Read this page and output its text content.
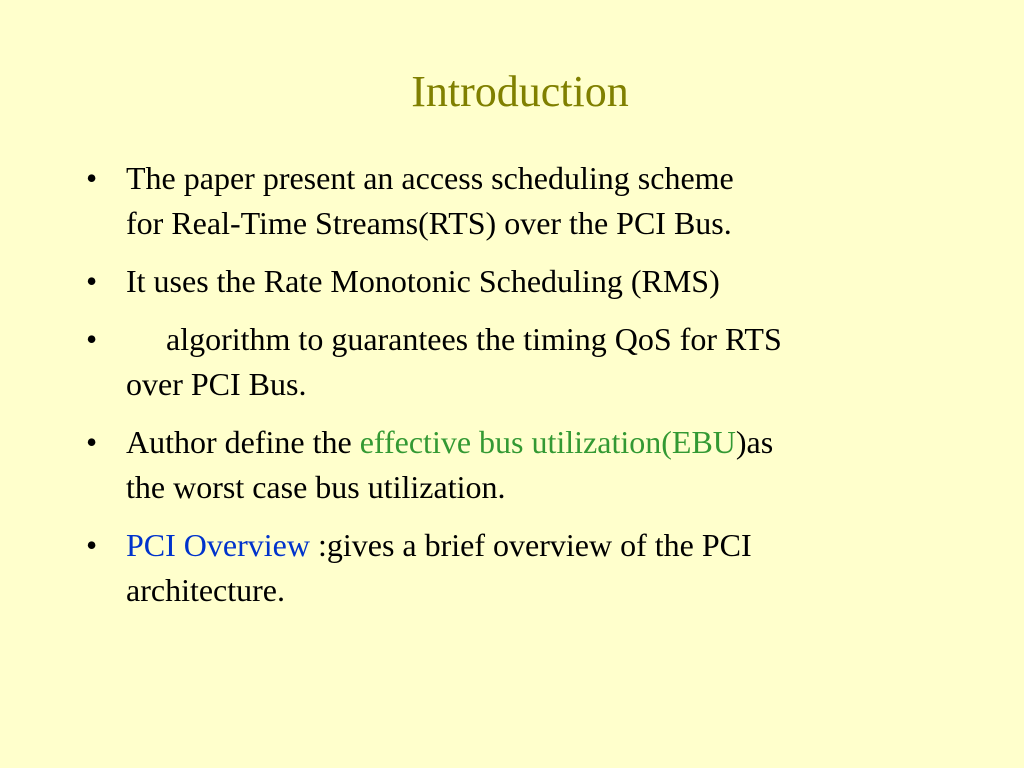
Introduction
• The paper present an access scheduling scheme
for Real-Time Streams(RTS) over the PCI Bus.
• It uses the Rate Monotonic Scheduling (RMS)
•	algorithm to guarantees the timing QoS for RTS
over PCI Bus.
• Author define the effective bus utilization(EBU)as
the worst case bus utilization.
• PCI Overview :gives a brief overview of the PCI
architecture.
